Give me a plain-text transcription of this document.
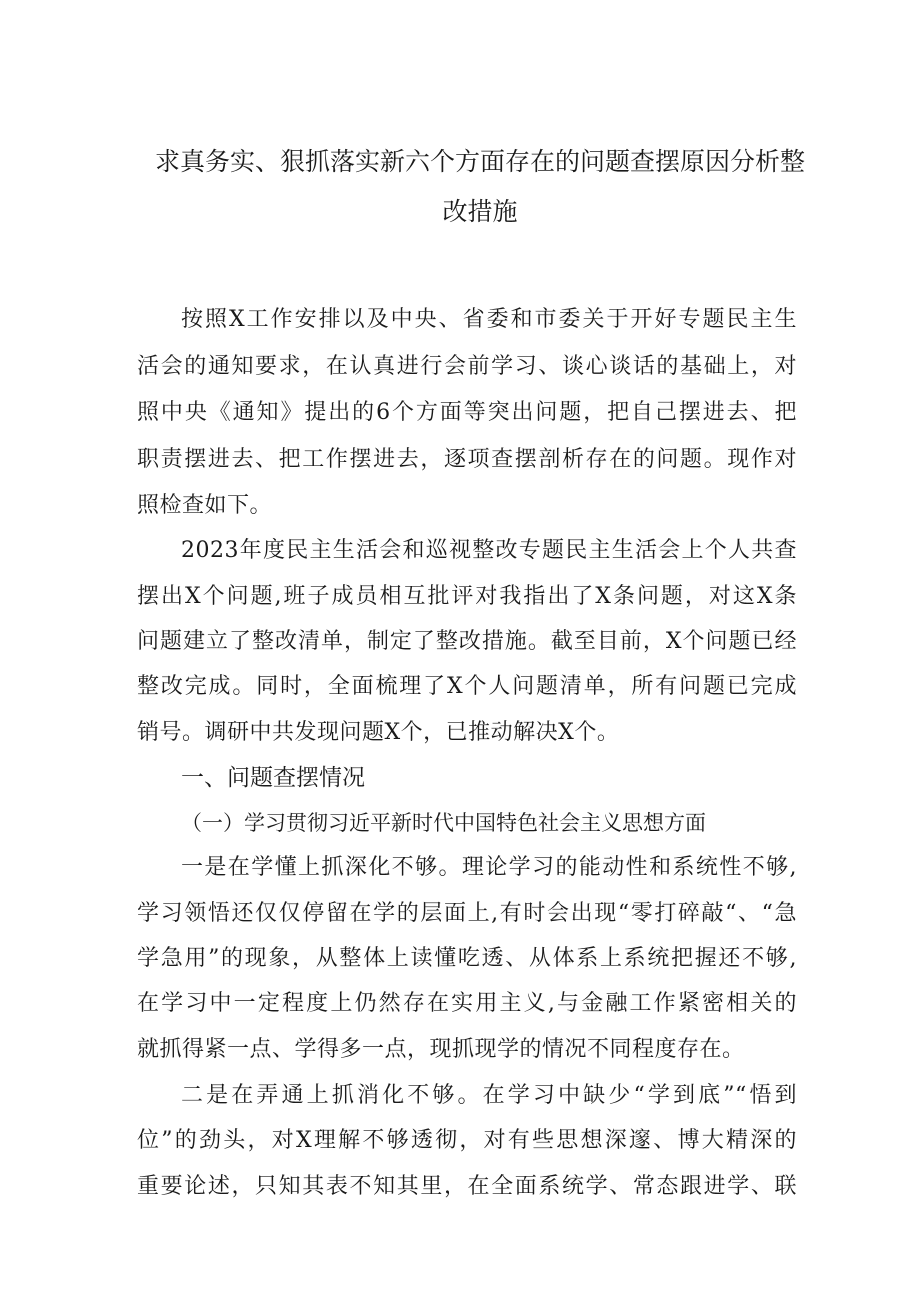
求真务实、狠抓落实新六个方面存在的问题查摆原因分析整
改措施
按照X工作安排以及中央、省委和市委关于开好专题民主生
活会的通知要求，在认真进行会前学习、谈心谈话的基础上，对
照中央《通知》提出的6个方面等突出问题，把自己摆进去、把
职责摆进去、把工作摆进去，逐项查摆剖析存在的问题。现作对
照检查如下。
2023年度民主生活会和巡视整改专题民主生活会上个人共查
摆出X个问题,班子成员相互批评对我指出了X条问题，对这X条
问题建立了整改清单，制定了整改措施。截至目前，X个问题已经
整改完成。同时，全面梳理了X个人问题清单，所有问题已完成
销号。调研中共发现问题X个，已推动解决X个。
一、问题查摆情况
（一）学习贯彻习近平新时代中国特色社会主义思想方面
一是在学懂上抓深化不够。理论学习的能动性和系统性不够,
学习领悟还仅仅停留在学的层面上,有时会出现“零打碎敲“、“急
学急用”的现象，从整体上读懂吃透、从体系上系统把握还不够,
在学习中一定程度上仍然存在实用主义,与金融工作紧密相关的
就抓得紧一点、学得多一点，现抓现学的情况不同程度存在。
二是在弄通上抓消化不够。在学习中缺少“学到底”“悟到
位”的劲头，对X理解不够透彻，对有些思想深邃、博大精深的
重要论述，只知其表不知其里，在全面系统学、常态跟进学、联
